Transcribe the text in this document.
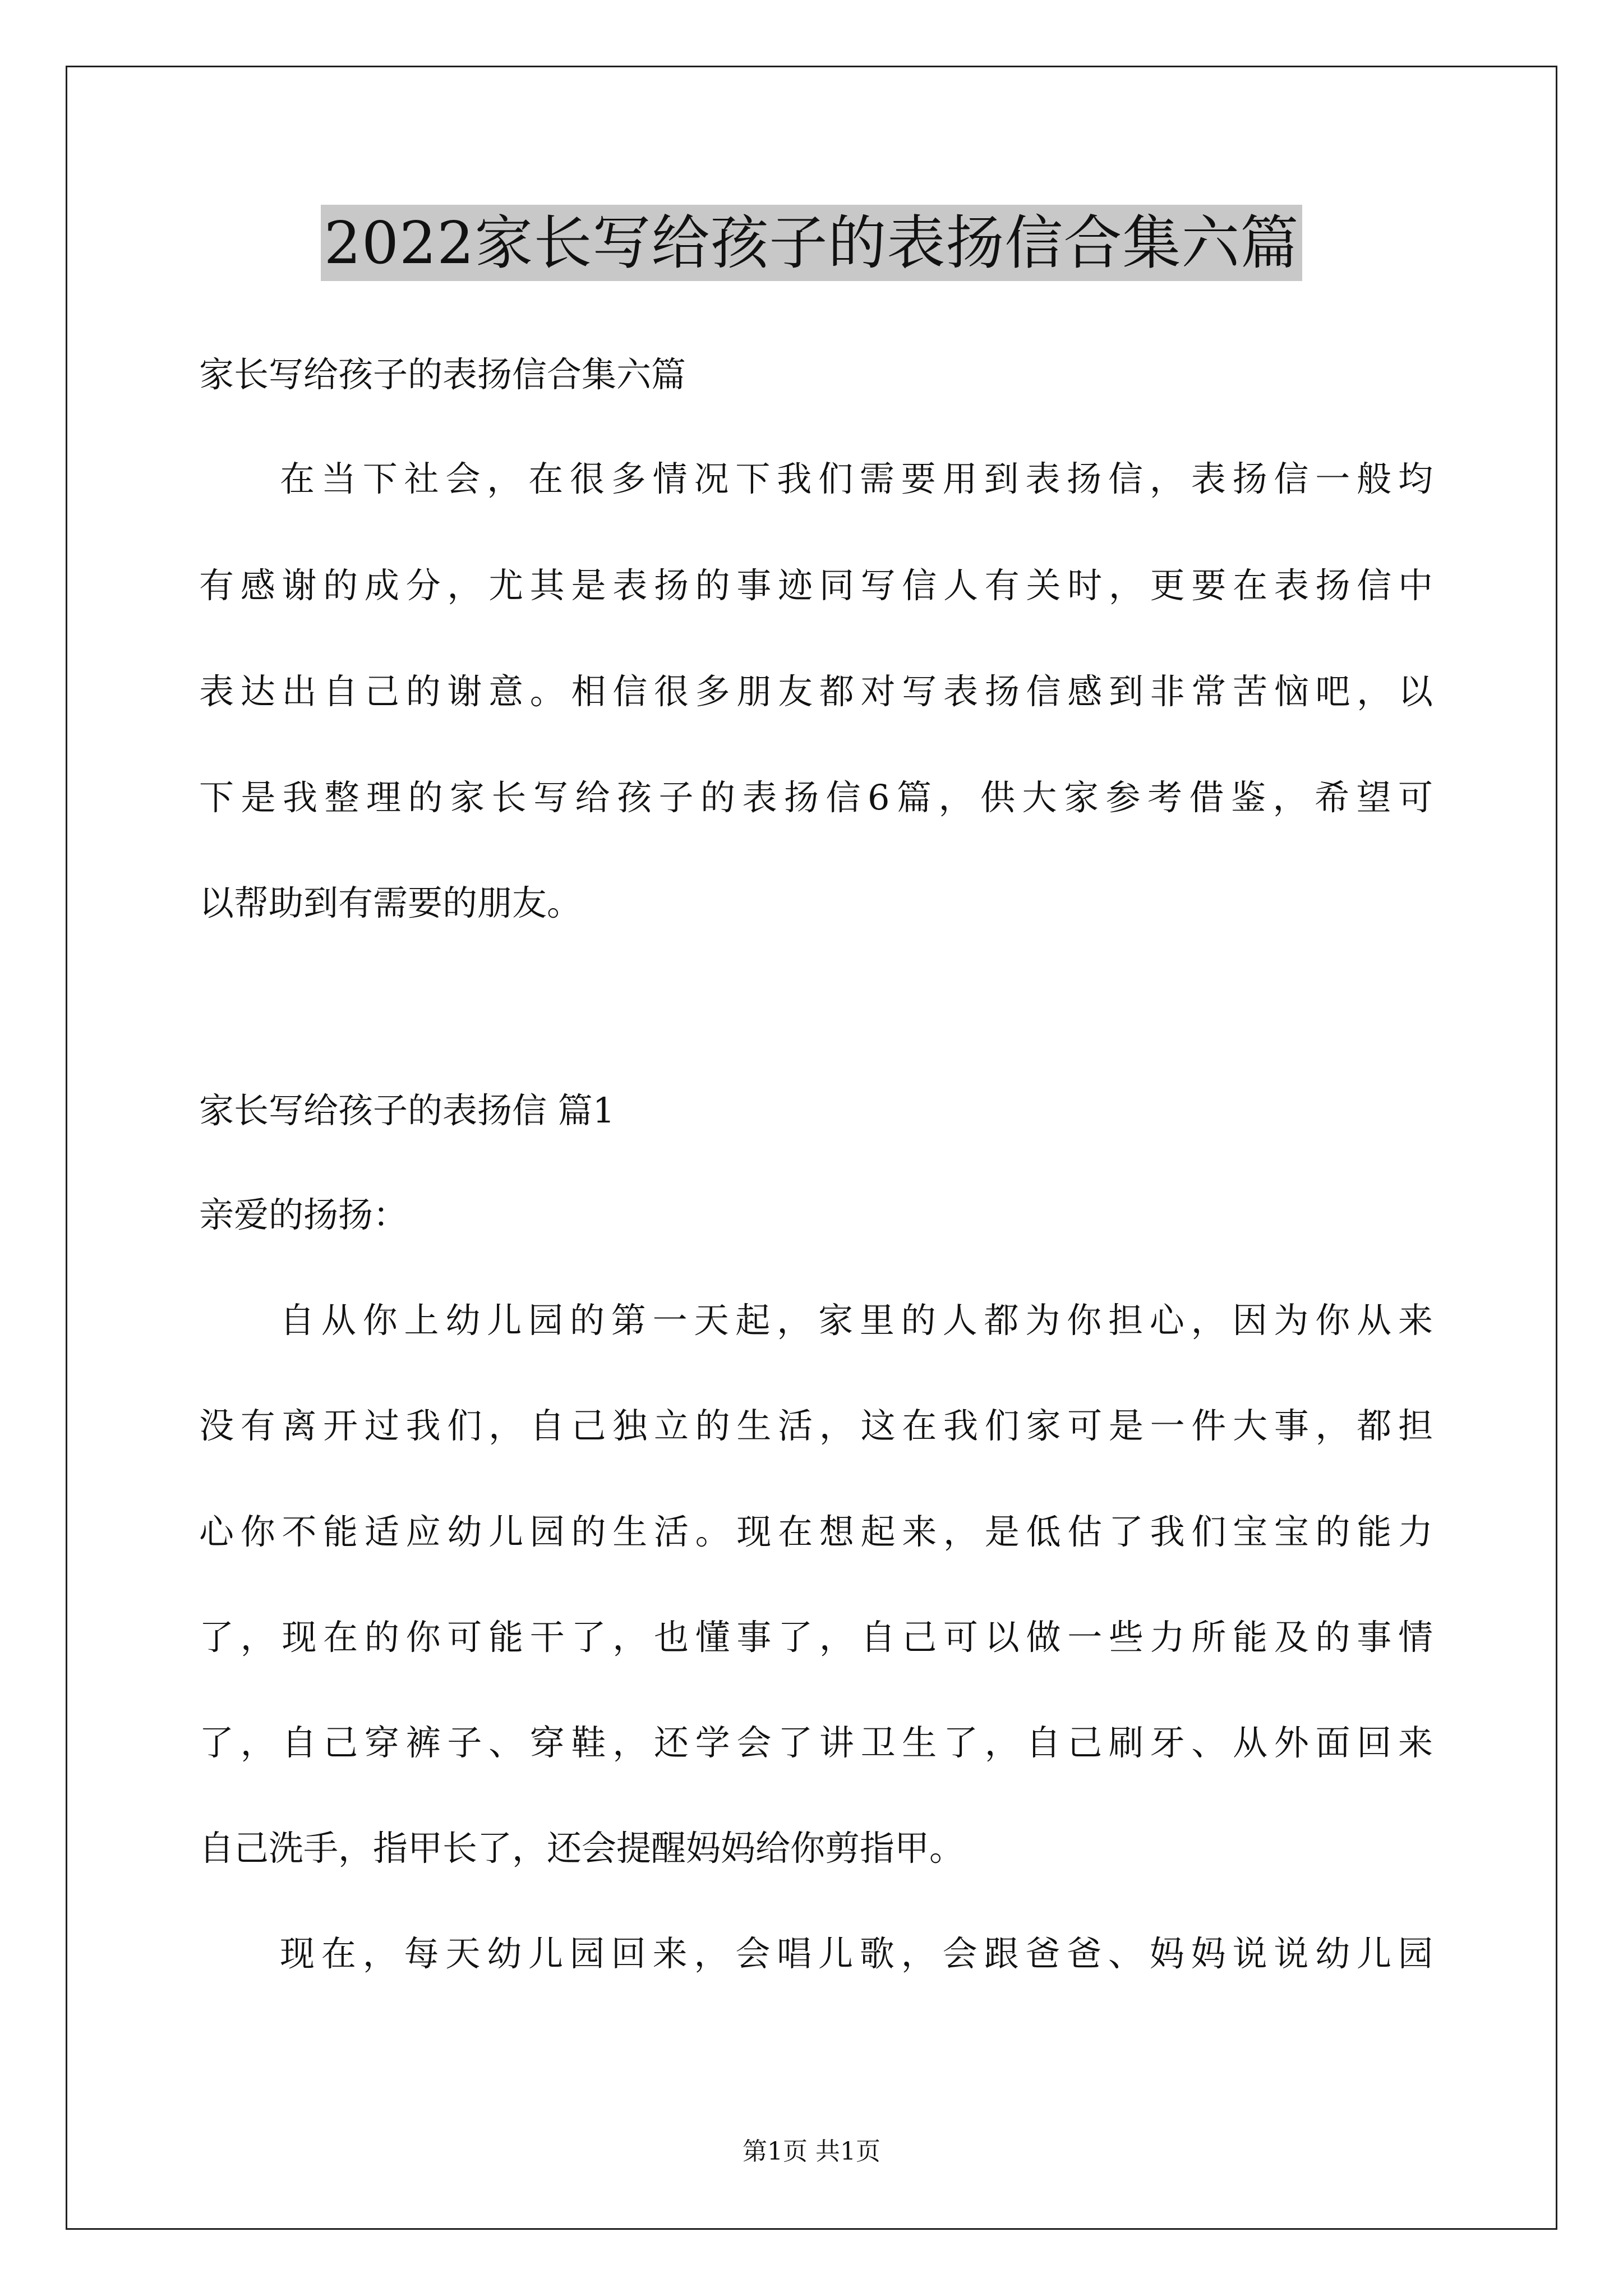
2022家长写给孩子的表扬信合集六篇
家长写给孩子的表扬信合集六篇
在当下社会，在很多情况下我们需要用到表扬信，表扬信一般均
有感谢的成分，尤其是表扬的事迹同写信人有关时，更要在表扬信中
表达出自己的谢意。相信很多朋友都对写表扬信感到非常苦恼吧，以
下是我整理的家长写给孩子的表扬信6篇，供大家参考借鉴，希望可
以帮助到有需要的朋友。
家长写给孩子的表扬信 篇1
亲爱的扬扬：
自从你上幼儿园的第一天起，家里的人都为你担心，因为你从来
没有离开过我们，自己独立的生活，这在我们家可是一件大事，都担
心你不能适应幼儿园的生活。现在想起来，是低估了我们宝宝的能力
了，现在的你可能干了，也懂事了，自己可以做一些力所能及的事情
了，自己穿裤子、穿鞋，还学会了讲卫生了，自己刷牙、从外面回来
自己洗手，指甲长了，还会提醒妈妈给你剪指甲。
现在，每天幼儿园回来，会唱儿歌，会跟爸爸、妈妈说说幼儿园
第1页 共1页
